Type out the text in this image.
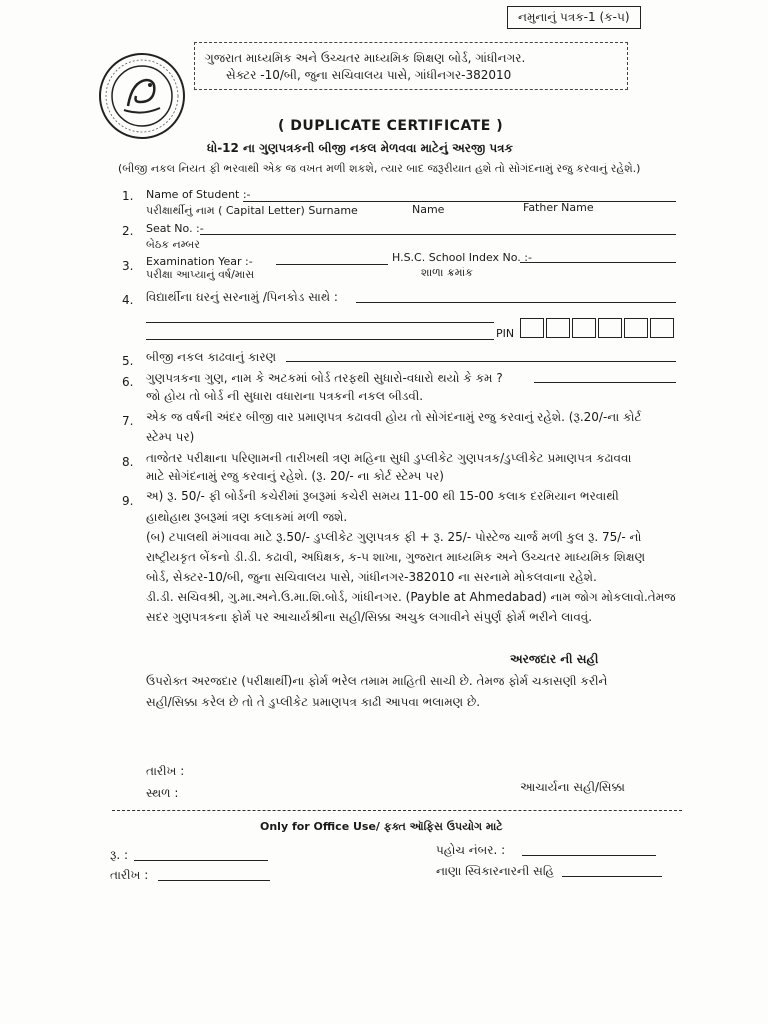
નમુનાનું પત્રક-1 (ક-૫)
ગુજરાત માધ્યમિક અને ઉચ્ચતર માધ્યમિક શિક્ષણ બોર્ડ, ગાંધીનગર.
સેક્ટર -10/બી, જુના સચિવાલય પાસે, ગાંધીનગર-382010
( DUPLICATE CERTIFICATE )
ધો-12 ના ગુણપત્રકની બીજી નકલ મેળવવા માટેનું અરજી પત્રક
(બીજી નકલ નિયત ફી ભરવાથી એક જ વખત મળી શકશે, ત્યાર બાદ જરૂરીયાત હશે તો સોગંદનામું રજુ કરવાનું રહેશે.)
1. Name of Student :-
પરીક્ષાર્થીનું નામ ( Capital Letter) Surname	Name	Father Name
2. Seat No. :-
બેઠક નમ્બર
3. Examination Year :-
પરીક્ષા આપ્યાનું વર્ષ/માસ
H.S.C. School Index No. :-
શાળા ક્રમાંક
4. વિદ્યાર્થીના ઘરનું સરનામું /પિનકોડ સાથે :
PIN
5. બીજી નકલ કાઢવાનું કારણ
6. ગુણપત્રકના ગુણ, નામ કે અટકમાં બોર્ડ તરફથી સુધારો-વધારો થયો કે કમ ?
જો હોય તો બોર્ડ ની સુધારા વધારાના પત્રકની નકલ બીડવી.
7. એક જ વર્ષની અંદર બીજી વાર પ્રમાણપત્ર કઢાવવી હોય તો સોગંદનામું રજુ કરવાનું રહેશે. (રૂ.20/-ના કોર્ટ
સ્ટેમ્પ પર)
8. તાજેતર પરીક્ષાના પરિણામની તારીખથી ત્રણ મહિના સુધી ડુપ્લીકેટ ગુણપત્રક/ડુપ્લીકેટ પ્રમાણપત્ર કઢાવવા
માટે સોગંદનામું રજુ કરવાનું રહેશે. (રૂ. 20/- ના કોર્ટ સ્ટેમ્પ પર)
9. અ) રૂ. 50/- ફી બોર્ડની કચેરીમાં રૂબરૂમાં કચેરી સમય 11-00 થી 15-00 કલાક દરમિયાન ભરવાથી
હાથોહાથ રૂબરૂમાં ત્રણ કલાકમાં મળી જશે.
(બ) ટપાલથી મંગાવવા માટે રૂ.50/- ડુપ્લીકેટ ગુણપત્રક ફી + રૂ. 25/- પોસ્ટેજ ચાર્જ મળી કુલ રૂ. 75/- નો
રાષ્ટ્રીયકૃત બેંકનો ડી.ડી. કઢાવી, અધિક્ષક, ક-૫ શાખા, ગુજરાત માધ્યમિક અને ઉચ્ચતર માધ્યમિક શિક્ષણ
બોર્ડ, સેક્ટર-10/બી, જુના સચિવાલય પાસે, ગાંધીનગર-382010 ના સરનામે મોકલવાના રહેશે.
ડી.ડી. સચિવશ્રી, ગુ.મા.અને.ઉ.મા.શિ.બોર્ડ, ગાંધીનગર. (Payble at Ahmedabad) નામ જોગ મોકલાવો.તેમજ
સદર ગુણપત્રકના ફોર્મ પર આચાર્યશ્રીના સહી/સિક્કા અચુક લગાવીને સંપુર્ણ ફોર્મ ભરીને લાવવું.
અરજદાર ની સહી
ઉપરોક્ત અરજદાર (પરીક્ષાર્થી)ના ફોર્મ ભરેલ તમામ માહિતી સાચી છે. તેમજ ફોર્મ ચકાસણી કરીને
સહી/સિક્કા કરેલ છે તો તે ડુપ્લીકેટ પ્રમાણપત્ર કાઢી આપવા ભલામણ છે.
તારીખ :
સ્થળ :	આચાર્યના સહી/સિક્કા
Only for Office Use/ ફક્ત ઑફિસ ઉપયોગ માટે
રૂ. :	પહોચ નંબર. :
તારીખ :	નાણા સ્વિકારનારની સહિ
